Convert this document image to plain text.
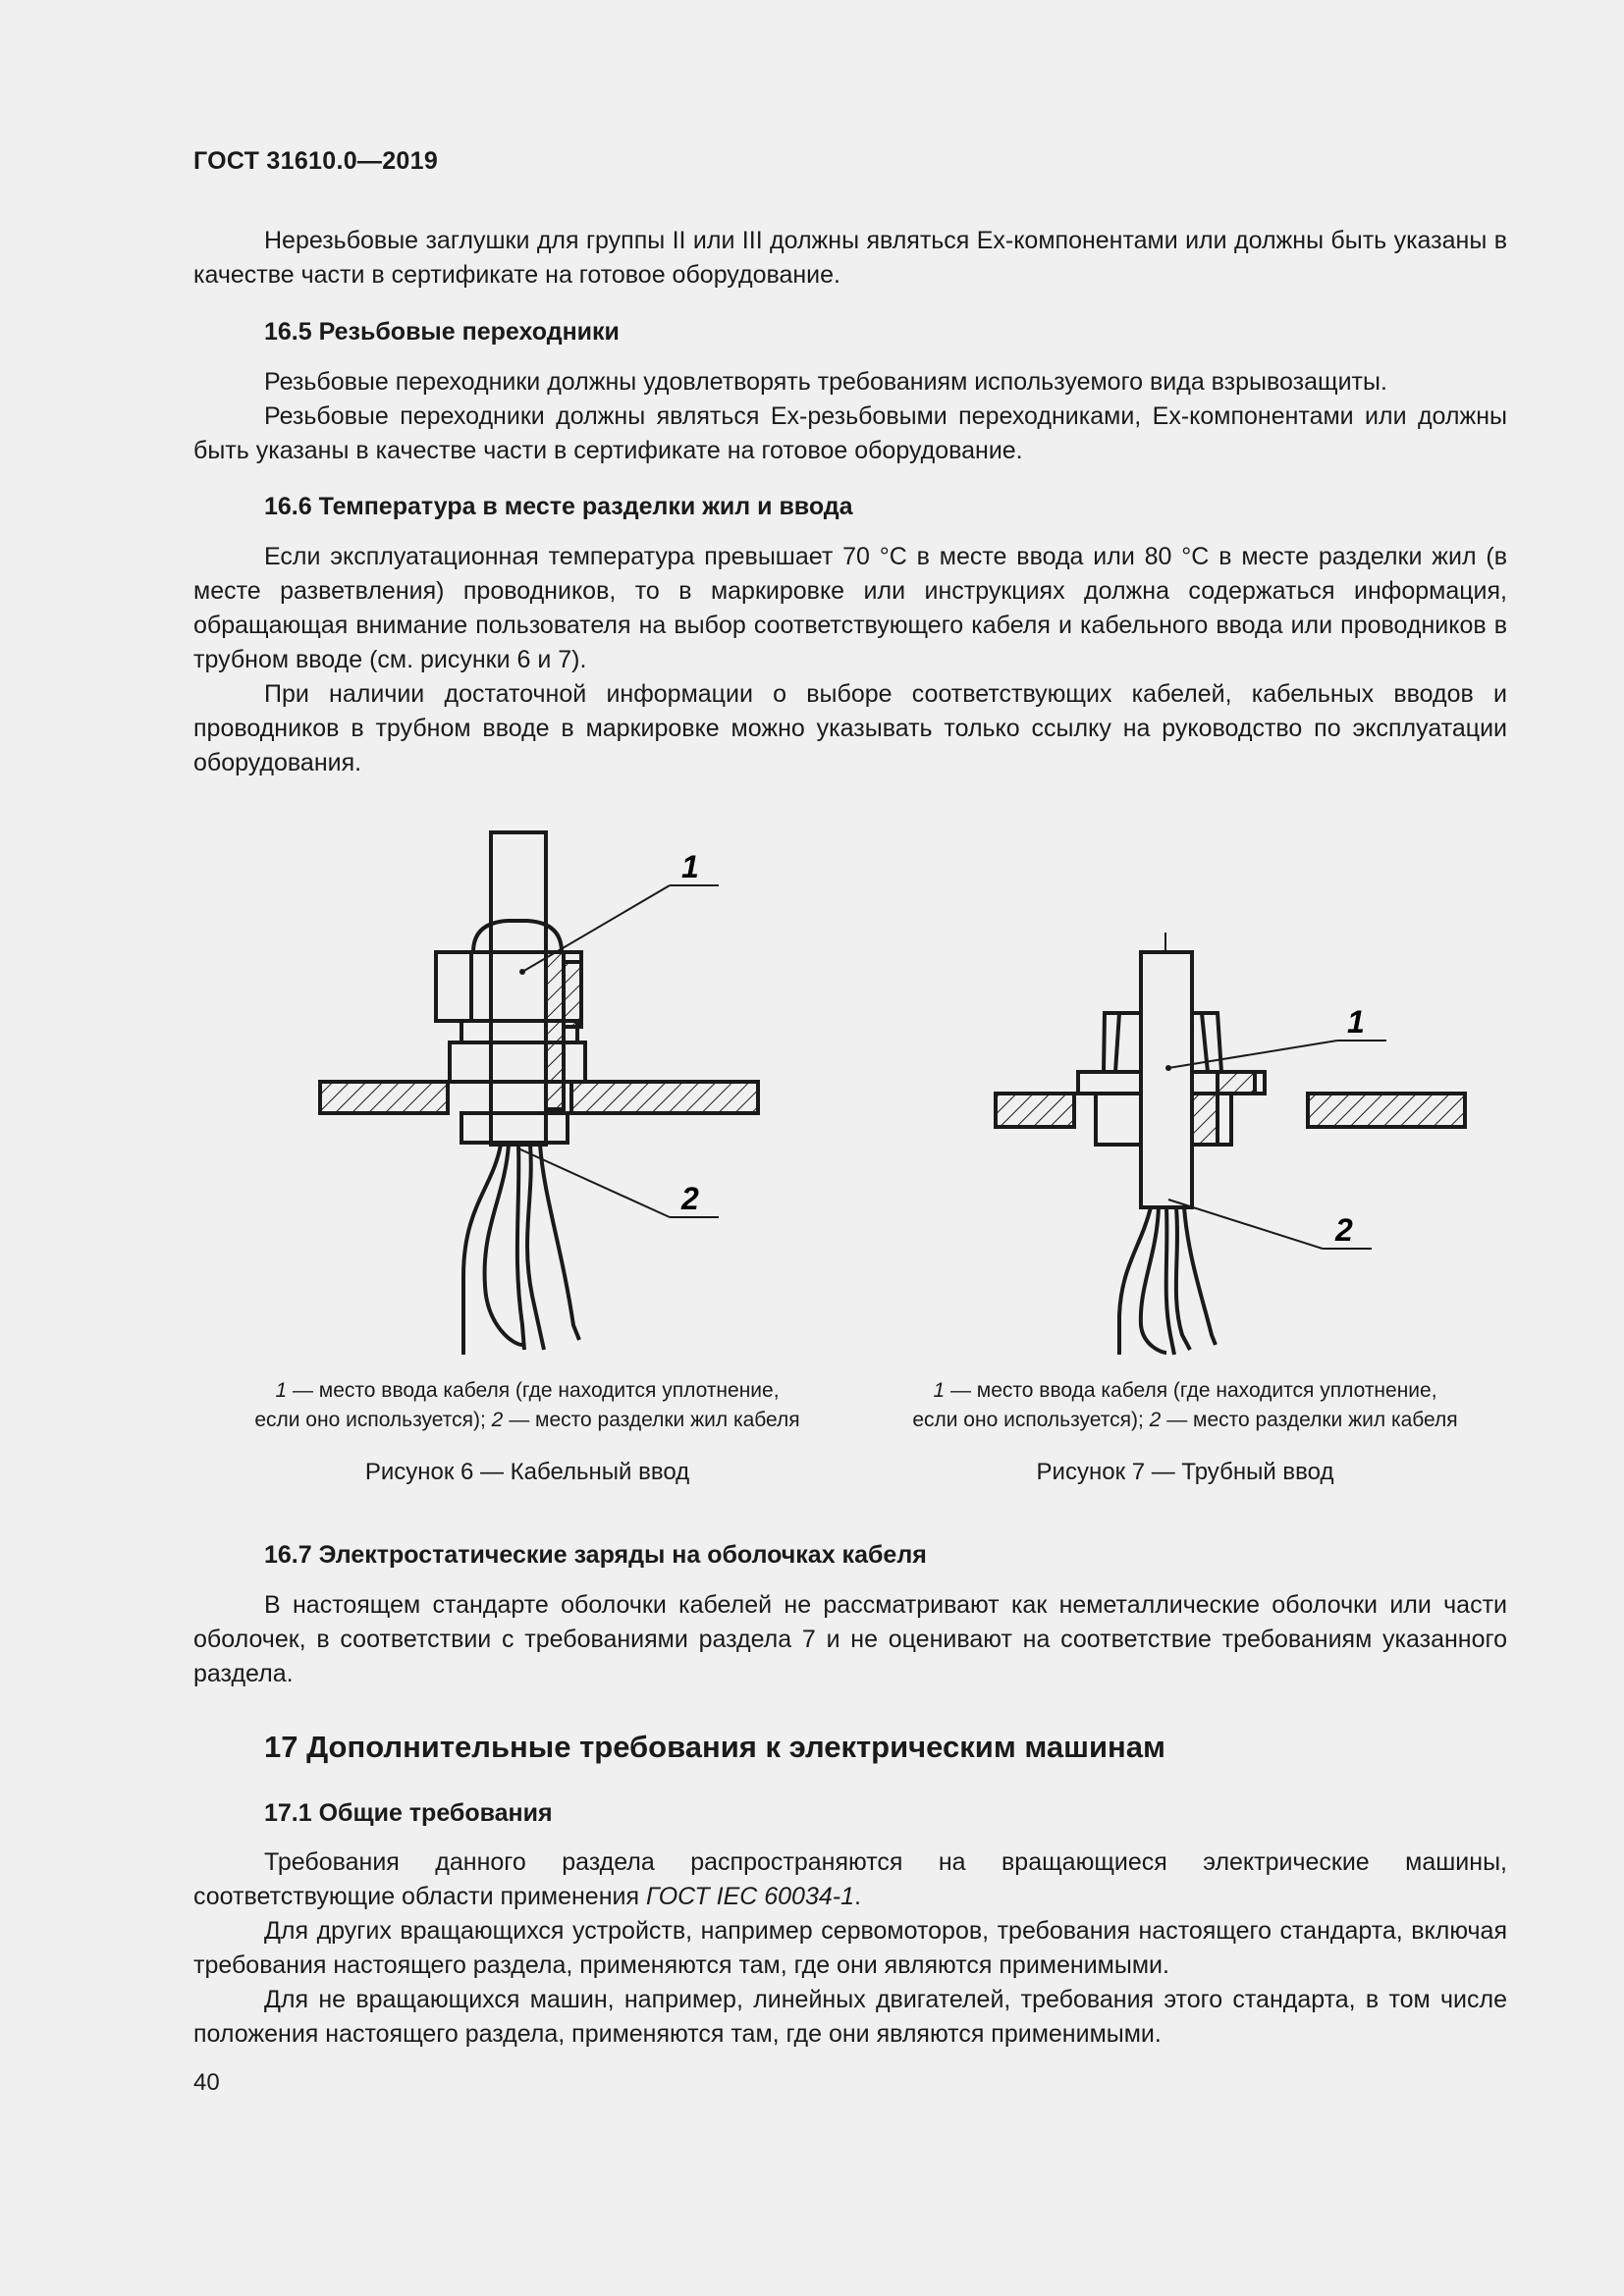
ГОСТ 31610.0—2019

Нерезьбовые заглушки для группы II или III должны являться Ex-компонентами или должны быть указаны в качестве части в сертификате на готовое оборудование.

16.5 Резьбовые переходники

Резьбовые переходники должны удовлетворять требованиям используемого вида взрывозащиты.

Резьбовые переходники должны являться Ex-резьбовыми переходниками, Ex-компонентами или должны быть указаны в качестве части в сертификате на готовое оборудование.

16.6 Температура в месте разделки жил и ввода

Если эксплуатационная температура превышает 70 °С в месте ввода или 80 °С в месте разделки жил (в месте разветвления) проводников, то в маркировке или инструкциях должна содержаться информация, обращающая внимание пользователя на выбор соответствующего кабеля и кабельного ввода или проводников в трубном вводе (см. рисунки 6 и 7).

При наличии достаточной информации о выборе соответствующих кабелей, кабельных вводов и проводников в трубном вводе в маркировке можно указывать только ссылку на руководство по эксплуатации оборудования.

1
2
1 — место ввода кабеля (где находится уплотнение,
если оно используется); 2 — место разделки жил кабеля
Рисунок 6 — Кабельный ввод
1
2
1 — место ввода кабеля (где находится уплотнение,
если оно используется); 2 — место разделки жил кабеля
Рисунок 7 — Трубный ввод

16.7 Электростатические заряды на оболочках кабеля

В настоящем стандарте оболочки кабелей не рассматривают как неметаллические оболочки или части оболочек, в соответствии с требованиями раздела 7 и не оценивают на соответствие требованиям указанного раздела.

17 Дополнительные требования к электрическим машинам

17.1 Общие требования

Требования данного раздела распространяются на вращающиеся электрические машины, соответствующие области применения ГОСТ IEC 60034-1.

Для других вращающихся устройств, например сервомоторов, требования настоящего стандарта, включая требования настоящего раздела, применяются там, где они являются применимыми.

Для не вращающихся машин, например, линейных двигателей, требования этого стандарта, в том числе положения настоящего раздела, применяются там, где они являются применимыми.

40
